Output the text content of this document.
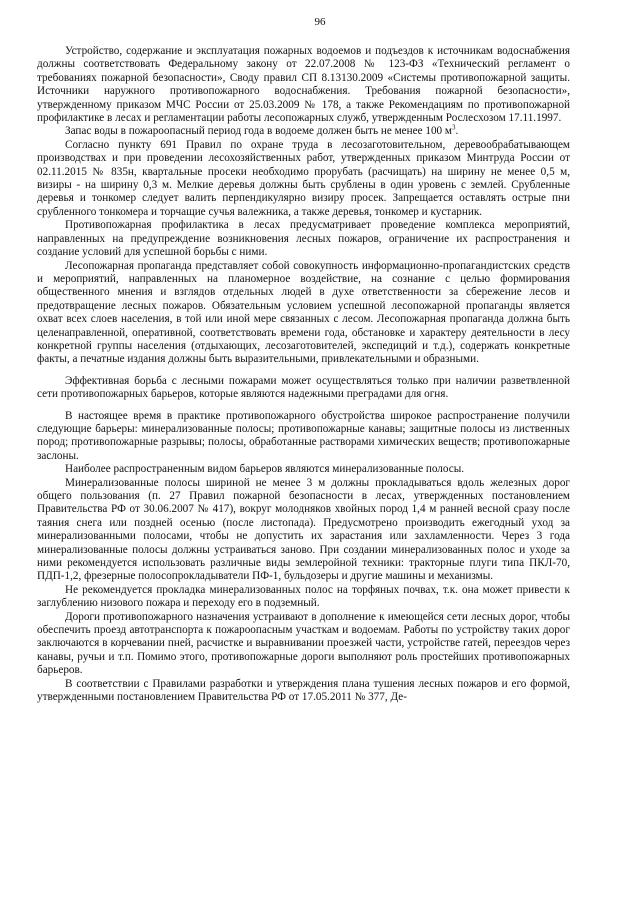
96

Устройство, содержание и эксплуатация пожарных водоемов и подъездов к источникам водоснабжения должны соответствовать Федеральному закону от 22.07.2008 № 123-ФЗ «Технический регламент о требованиях пожарной безопасности», Своду правил СП 8.13130.2009 «Системы противопожарной защиты. Источники наружного противопожарного водоснабжения. Требования пожарной безопасности», утвержденному приказом МЧС России от 25.03.2009 № 178, а также Рекомендациям по противопожарной профилактике в лесах и регламентации работы лесопожарных служб, утвержденным Рослесхозом 17.11.1997.

Запас воды в пожароопасный период года в водоеме должен быть не менее 100 $м^3$.

Согласно пункту 691 Правил по охране труда в лесозаготовительном, деревообрабатывающем производствах и при проведении лесохозяйственных работ, утвержденных приказом Минтруда России от 02.11.2015 № 835н, квартальные просеки необходимо прорубать (расчищать) на ширину не менее 0,5 м, визиры - на ширину 0,3 м. Мелкие деревья должны быть срублены в один уровень с землей. Срубленные деревья и тонкомер следует валить перпендикулярно визиру просек. Запрещается оставлять острые пни срубленного тонкомера и торчащие сучья валежника, а также деревья, тонкомер и кустарник.

Противопожарная профилактика в лесах предусматривает проведение комплекса мероприятий, направленных на предупреждение возникновения лесных пожаров, ограничение их распространения и создание условий для успешной борьбы с ними.

Лесопожарная пропаганда представляет собой совокупность информационно-пропагандистских средств и мероприятий, направленных на планомерное воздействие, на сознание с целью формирования общественного мнения и взглядов отдельных людей в духе ответственности за сбережение лесов и предотвращение лесных пожаров. Обязательным условием успешной лесопожарной пропаганды является охват всех слоев населения, в той или иной мере связанных с лесом. Лесопожарная пропаганда должна быть целенаправленной, оперативной, соответствовать времени года, обстановке и характеру деятельности в лесу конкретной группы населения (отдыхающих, лесозаготовителей, экспедиций и т.д.), содержать конкретные факты, а печатные издания должны быть выразительными, привлекательными и образными.

Эффективная борьба с лесными пожарами может осуществляться только при наличии разветвленной сети противопожарных барьеров, которые являются надежными преградами для огня.

В настоящее время в практике противопожарного обустройства широкое распространение получили следующие барьеры: минерализованные полосы; противопожарные канавы; защитные полосы из лиственных пород; противопожарные разрывы; полосы, обработанные растворами химических веществ; противопожарные заслоны.

Наиболее распространенным видом барьеров являются минерализованные полосы.

Минерализованные полосы шириной не менее 3 м должны прокладываться вдоль железных дорог общего пользования (п. 27 Правил пожарной безопасности в лесах, утвержденных постановлением Правительства РФ от 30.06.2007 № 417), вокруг молодняков хвойных пород 1,4 м ранней весной сразу после таяния снега или поздней осенью (после листопада). Предусмотрено производить ежегодный уход за минерализованными полосами, чтобы не допустить их зарастания или захламленности. Через 3 года минерализованные полосы должны устраиваться заново. При создании минерализованных полос и уходе за ними рекомендуется использовать различные виды землеройной техники: тракторные плуги типа ПКЛ-70, ПДП-1,2, фрезерные полосопрокладыватели ПФ-1, бульдозеры и другие машины и механизмы.

Не рекомендуется прокладка минерализованных полос на торфяных почвах, т.к. она может привести к заглублению низового пожара и переходу его в подземный.

Дороги противопожарного назначения устраивают в дополнение к имеющейся сети лесных дорог, чтобы обеспечить проезд автотранспорта к пожароопасным участкам и водоемам. Работы по устройству таких дорог заключаются в корчевании пней, расчистке и выравнивании проезжей части, устройстве гатей, переездов через канавы, ручьи и т.п. Помимо этого, противопожарные дороги выполняют роль простейших противопожарных барьеров.

В соответствии с Правилами разработки и утверждения плана тушения лесных пожаров и его формой, утвержденными постановлением Правительства РФ от 17.05.2011 № 377, Де-
